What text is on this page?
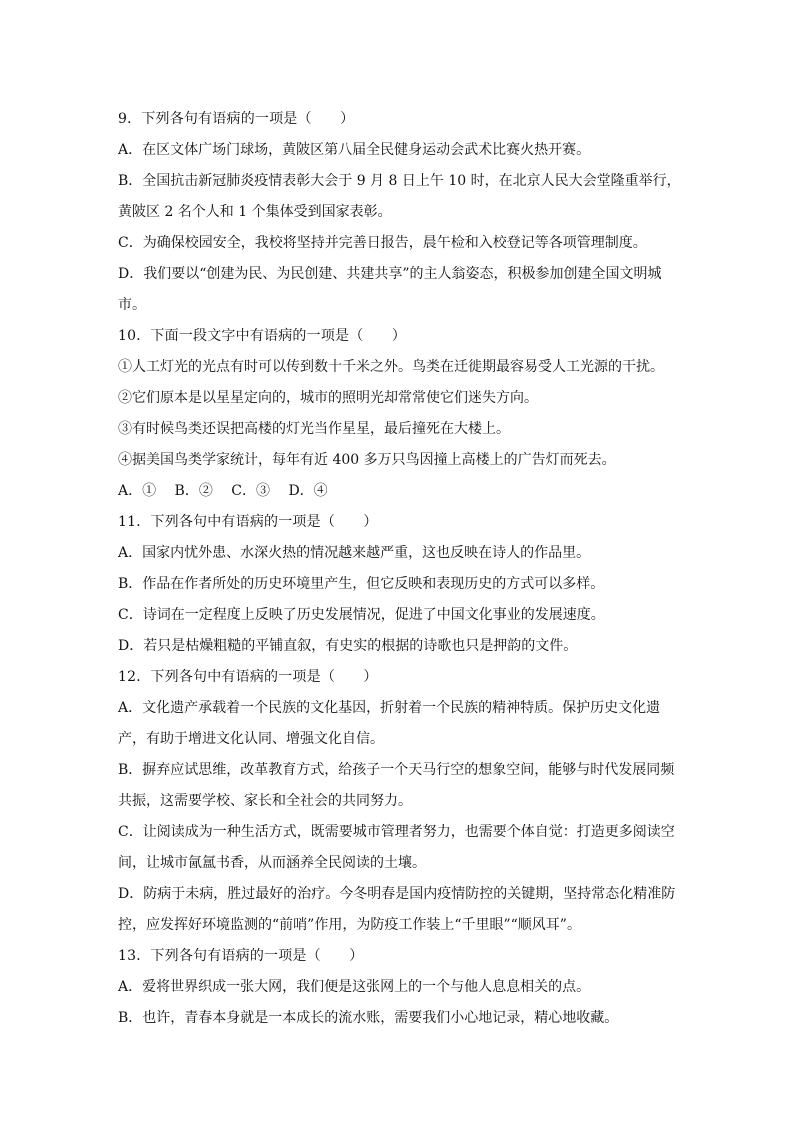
9．下列各句有语病的一项是（　　）
A．在区文体广场门球场，黄陂区第八届全民健身运动会武术比赛火热开赛。
B．全国抗击新冠肺炎疫情表彰大会于 9 月 8 日上午 10 时，在北京人民大会堂隆重举行，
黄陂区 2 名个人和 1 个集体受到国家表彰。
C．为确保校园安全，我校将坚持并完善日报告，晨午检和入校登记等各项管理制度。
D．我们要以“创建为民、为民创建、共建共享”的主人翁姿态，积极参加创建全国文明城
市。
10．下面一段文字中有语病的一项是（　　）
①人工灯光的光点有时可以传到数十千米之外。鸟类在迁徙期最容易受人工光源的干扰。
②它们原本是以星星定向的，城市的照明光却常常使它们迷失方向。
③有时候鸟类还误把高楼的灯光当作星星，最后撞死在大楼上。
④据美国鸟类学家统计，每年有近 400 多万只鸟因撞上高楼上的广告灯而死去。
A．①　 B．②　 C．③　 D．④
11．下列各句中有语病的一项是（　　）
A．国家内忧外患、水深火热的情况越来越严重，这也反映在诗人的作品里。
B．作品在作者所处的历史环境里产生，但它反映和表现历史的方式可以多样。
C．诗词在一定程度上反映了历史发展情况，促进了中国文化事业的发展速度。
D．若只是枯燥粗糙的平铺直叙，有史实的根据的诗歌也只是押韵的文件。
12．下列各句中有语病的一项是（　　）
A．文化遗产承载着一个民族的文化基因，折射着一个民族的精神特质。保护历史文化遗
产，有助于增进文化认同、增强文化自信。
B．摒弃应试思维，改革教育方式，给孩子一个天马行空的想象空间，能够与时代发展同频
共振，这需要学校、家长和全社会的共同努力。
C．让阅读成为一种生活方式，既需要城市管理者努力，也需要个体自觉：打造更多阅读空
间，让城市氤氲书香，从而涵养全民阅读的土壤。
D．防病于未病，胜过最好的治疗。今冬明春是国内疫情防控的关键期，坚持常态化精准防
控，应发挥好环境监测的“前哨”作用，为防疫工作装上“千里眼”“顺风耳”。
13．下列各句有语病的一项是（　　）
A．爱将世界织成一张大网，我们便是这张网上的一个与他人息息相关的点。
B．也许，青春本身就是一本成长的流水账，需要我们小心地记录，精心地收藏。
